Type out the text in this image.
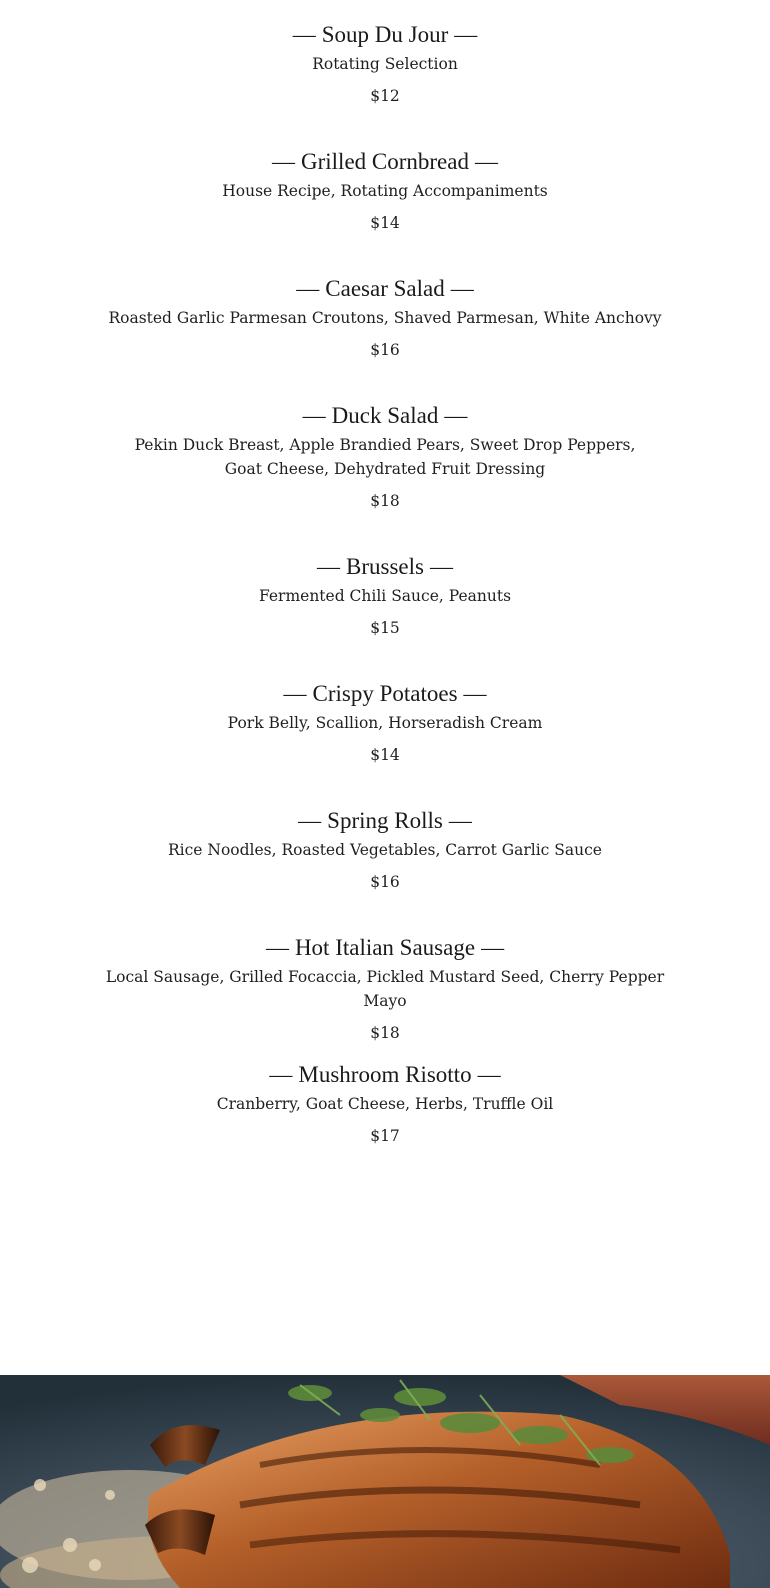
— Soup Du Jour —
Rotating Selection
$12
— Grilled Cornbread —
House Recipe, Rotating Accompaniments
$14
— Caesar Salad —
Roasted Garlic Parmesan Croutons, Shaved Parmesan, White Anchovy
$16
— Duck Salad —
Pekin Duck Breast, Apple Brandied Pears, Sweet Drop Peppers, Goat Cheese, Dehydrated Fruit Dressing
$18
— Brussels —
Fermented Chili Sauce, Peanuts
$15
— Crispy Potatoes —
Pork Belly, Scallion, Horseradish Cream
$14
— Spring Rolls —
Rice Noodles, Roasted Vegetables, Carrot Garlic Sauce
$16
— Hot Italian Sausage —
Local Sausage, Grilled Focaccia, Pickled Mustard Seed, Cherry Pepper Mayo
$18
— Mushroom Risotto —
Cranberry, Goat Cheese, Herbs, Truffle Oil
$17
